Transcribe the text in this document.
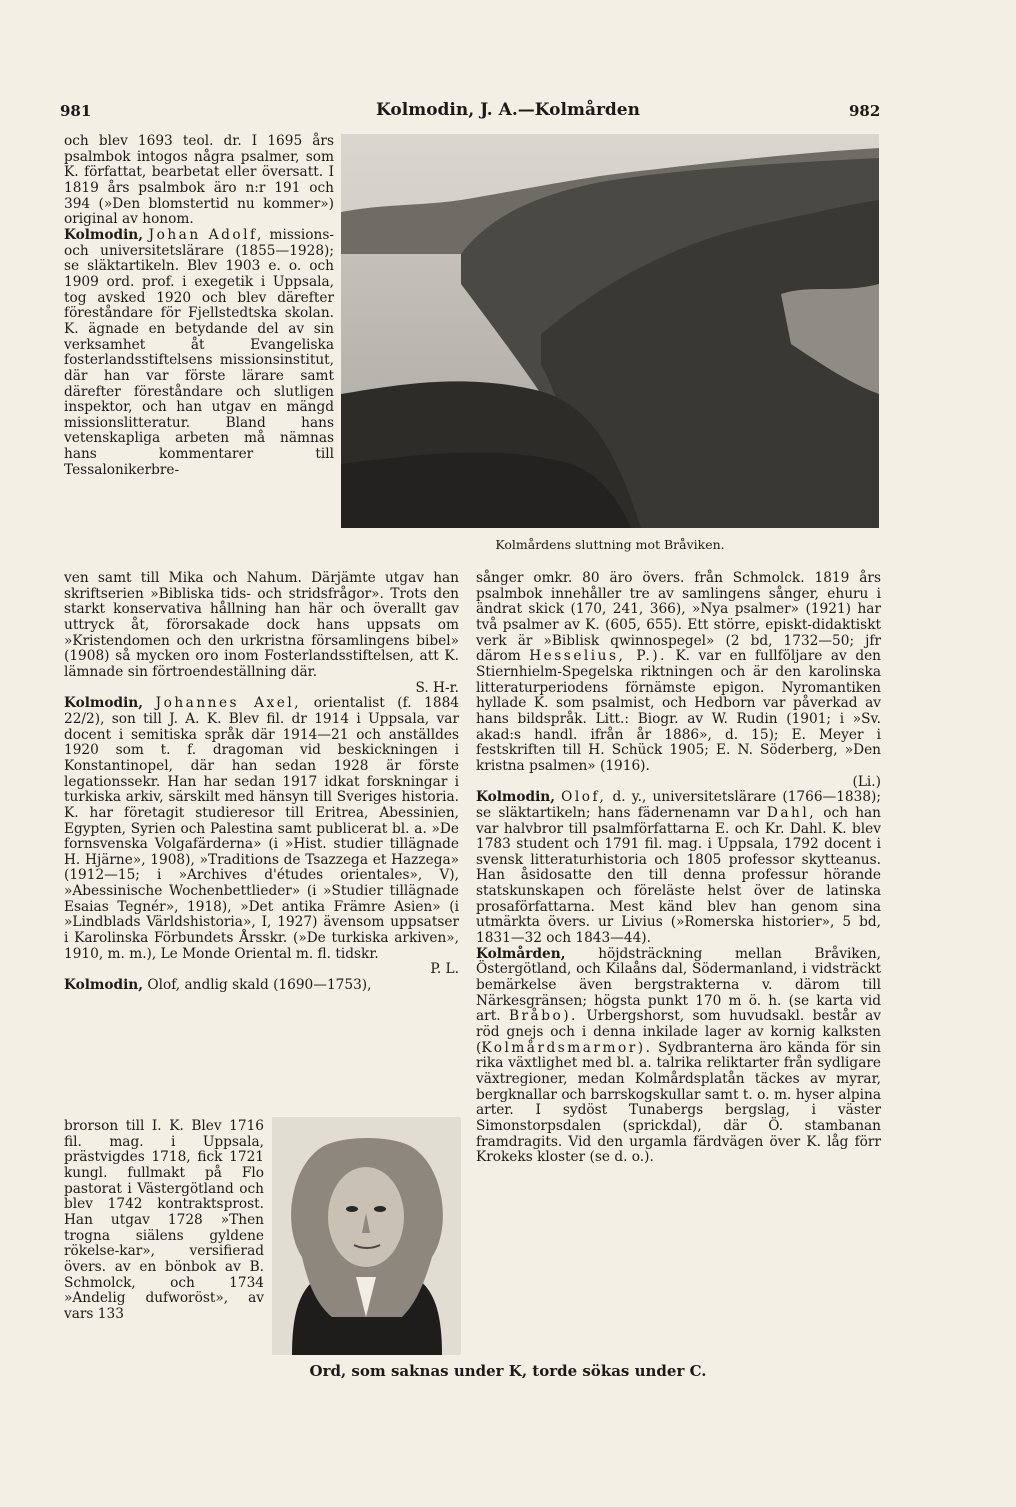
981	Kolmodin, J. A.—Kolmården	982

och blev 1693 teol. dr. I 1695 års psalmbok intogos några psalmer, som K. författat, bearbetat eller översatt. I 1819 års psalmbok äro n:r 191 och 394 (»Den blomstertid nu kommer») original av honom.

Kolmodin, Johan Adolf, missions- och universitetslärare (1855—1928); se släktartikeln. Blev 1903 e. o. och 1909 ord. prof. i exegetik i Uppsala, tog avsked 1920 och blev därefter föreståndare för Fjellstedtska skolan. K. ägnade en betydande del av sin verksamhet åt Evangeliska fosterlandsstiftelsens missionsinstitut, där han var förste lärare samt därefter föreståndare och slutligen inspektor, och han utgav en mängd missionslitteratur. Bland hans vetenskapliga arbeten må nämnas hans kommentarer till Tessalonikerbre-

Kolmårdens sluttning mot Bråviken.

ven samt till Mika och Nahum. Därjämte utgav han skriftserien »Bibliska tids- och stridsfrågor». Trots den starkt konservativa hållning han här och överallt gav uttryck åt, förorsakade dock hans uppsats om »Kristendomen och den urkristna församlingens bibel» (1908) så mycken oro inom Fosterlandsstiftelsen, att K. lämnade sin förtroendeställning där.

S. H-r.

Kolmodin, Johannes Axel, orientalist (f. 1884 22/2), son till J. A. K. Blev fil. dr 1914 i Uppsala, var docent i semitiska språk där 1914—21 och anställdes 1920 som t. f. dragoman vid beskickningen i Konstantinopel, där han sedan 1928 är förste legationssekr. Han har sedan 1917 idkat forskningar i turkiska arkiv, särskilt med hänsyn till Sveriges historia. K. har företagit studieresor till Eritrea, Abessinien, Egypten, Syrien och Palestina samt publicerat bl. a. »De fornsvenska Volgafärderna» (i »Hist. studier tillägnade H. Hjärne», 1908), »Traditions de Tsazzega et Hazzega» (1912—15; i »Archives d'études orientales», V), »Abessinische Wochenbettlieder» (i »Studier tillägnade Esaias Tegnér», 1918), »Det antika Främre Asien» (i »Lindblads Världshistoria», I, 1927) ävensom uppsatser i Karolinska Förbundets Årsskr. (»De turkiska arkiven», 1910, m. m.), Le Monde Oriental m. fl. tidskr.

P. L.

Kolmodin, Olof, andlig skald (1690—1753),

brorson till I. K. Blev 1716 fil. mag. i Uppsala, prästvigdes 1718, fick 1721 kungl. fullmakt på Flo pastorat i Västergötland och blev 1742 kontraktsprost. Han utgav 1728 »Then trogna siälens gyldene rökelse-kar», versifierad övers. av en bönbok av B. Schmolck, och 1734 »Andelig dufworöst», av vars 133

sånger omkr. 80 äro övers. från Schmolck. 1819 års psalmbok innehåller tre av samlingens sånger, ehuru i ändrat skick (170, 241, 366), »Nya psalmer» (1921) har två psalmer av K. (605, 655). Ett större, episkt-didaktiskt verk är »Biblisk qwinnospegel» (2 bd, 1732—50; jfr därom Hesselius, P.). K. var en fullföljare av den Stiernhielm-Spegelska riktningen och är den karolinska litteraturperiodens förnämste epigon. Nyromantiken hyllade K. som psalmist, och Hedborn var påverkad av hans bildspråk. Litt.: Biogr. av W. Rudin (1901; i »Sv. akad:s handl. ifrån år 1886», d. 15); E. Meyer i festskriften till H. Schück 1905; E. N. Söderberg, »Den kristna psalmen» (1916).

(Li.)

Kolmodin, Olof, d. y., universitetslärare (1766—1838); se släktartikeln; hans fädernenamn var Dahl, och han var halvbror till psalmförfattarna E. och Kr. Dahl. K. blev 1783 student och 1791 fil. mag. i Uppsala, 1792 docent i svensk litteraturhistoria och 1805 professor skytteanus. Han åsidosatte den till denna professur hörande statskunskapen och föreläste helst över de latinska prosaförfattarna. Mest känd blev han genom sina utmärkta övers. ur Livius (»Romerska historier», 5 bd, 1831—32 och 1843—44).

Kolmården, höjdsträckning mellan Bråviken, Östergötland, och Kilaåns dal, Södermanland, i vidsträckt bemärkelse även bergstrakterna v. därom till Närkesgränsen; högsta punkt 170 m ö. h. (se karta vid art. Bråbo). Urbergshorst, som huvudsakl. består av röd gnejs och i denna inkilade lager av kornig kalksten (Kolmårdsmarmor). Sydbranterna äro kända för sin rika växtlighet med bl. a. talrika reliktarter från sydligare växtregioner, medan Kolmårdsplatån täckes av myrar, bergknallar och barrskogskullar samt t. o. m. hyser alpina arter. I sydöst Tunabergs bergslag, i väster Simonstorpsdalen (sprickdal), där Ö. stambanan framdragits. Vid den urgamla färdvägen över K. låg förr Krokeks kloster (se d. o.).

Ord, som saknas under K, torde sökas under C.
